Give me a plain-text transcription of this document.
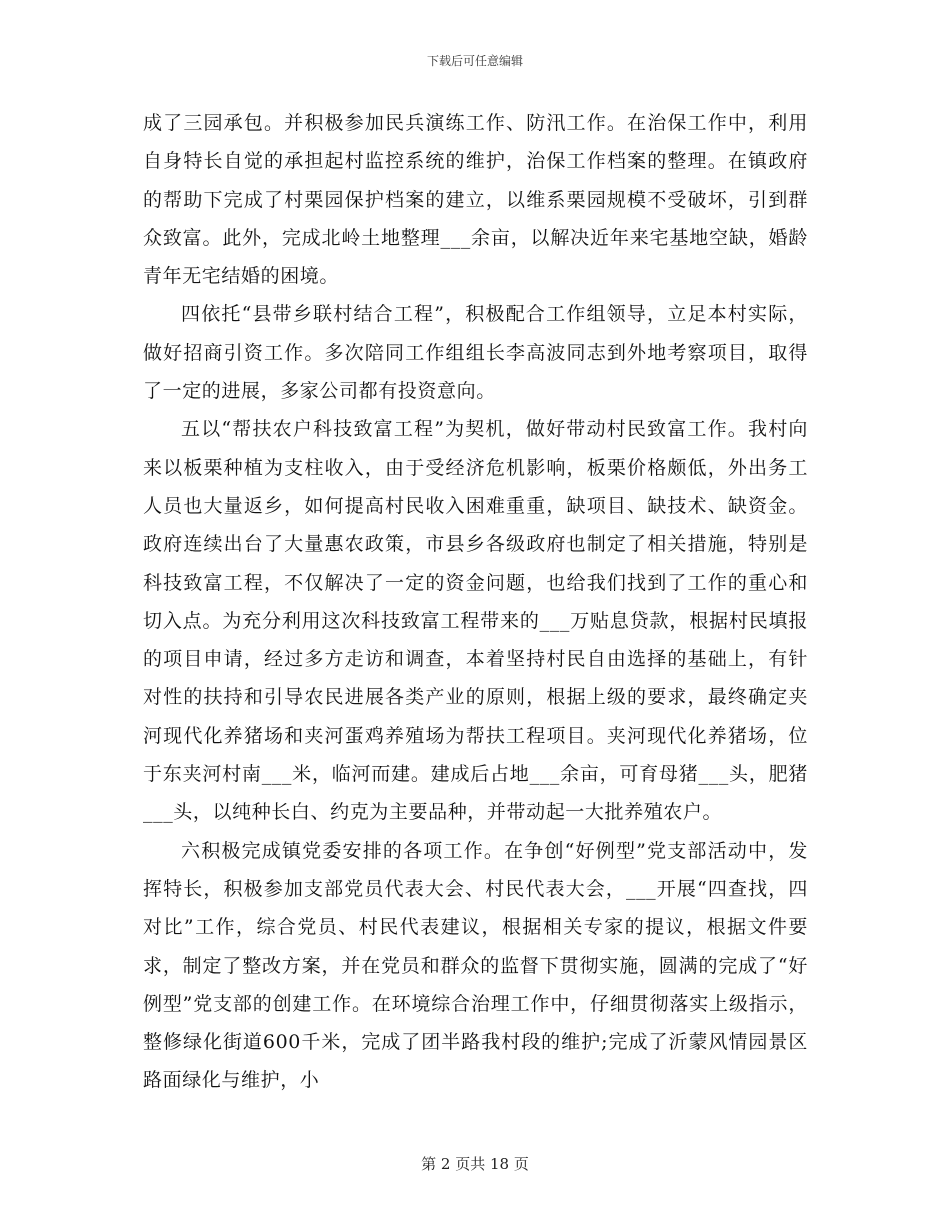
下载后可任意编辑

成了三园承包。并积极参加民兵演练工作、防汛工作。在治保工作中，利用自身特长自觉的承担起村监控系统的维护，治保工作档案的整理。在镇政府的帮助下完成了村栗园保护档案的建立，以维系栗园规模不受破坏，引到群众致富。此外，完成北岭土地整理___余亩，以解决近年来宅基地空缺，婚龄青年无宅结婚的困境。

四依托“县带乡联村结合工程”，积极配合工作组领导，立足本村实际，做好招商引资工作。多次陪同工作组组长李高波同志到外地考察项目，取得了一定的进展，多家公司都有投资意向。

五以“帮扶农户科技致富工程”为契机，做好带动村民致富工作。我村向来以板栗种植为支柱收入，由于受经济危机影响，板栗价格颇低，外出务工人员也大量返乡，如何提高村民收入困难重重，缺项目、缺技术、缺资金。政府连续出台了大量惠农政策，市县乡各级政府也制定了相关措施，特别是科技致富工程，不仅解决了一定的资金问题，也给我们找到了工作的重心和切入点。为充分利用这次科技致富工程带来的___万贴息贷款，根据村民填报的项目申请，经过多方走访和调查，本着坚持村民自由选择的基础上，有针对性的扶持和引导农民进展各类产业的原则，根据上级的要求，最终确定夹河现代化养猪场和夹河蛋鸡养殖场为帮扶工程项目。夹河现代化养猪场，位于东夹河村南___米，临河而建。建成后占地___余亩，可育母猪___头，肥猪___头，以纯种长白、约克为主要品种，并带动起一大批养殖农户。

六积极完成镇党委安排的各项工作。在争创“好例型”党支部活动中，发挥特长，积极参加支部党员代表大会、村民代表大会，___开展“四查找，四对比”工作，综合党员、村民代表建议，根据相关专家的提议，根据文件要求，制定了整改方案，并在党员和群众的监督下贯彻实施，圆满的完成了“好例型”党支部的创建工作。在环境综合治理工作中，仔细贯彻落实上级指示，整修绿化街道600千米，完成了团半路我村段的维护;完成了沂蒙风情园景区路面绿化与维护，小

第 2 页共 18 页
